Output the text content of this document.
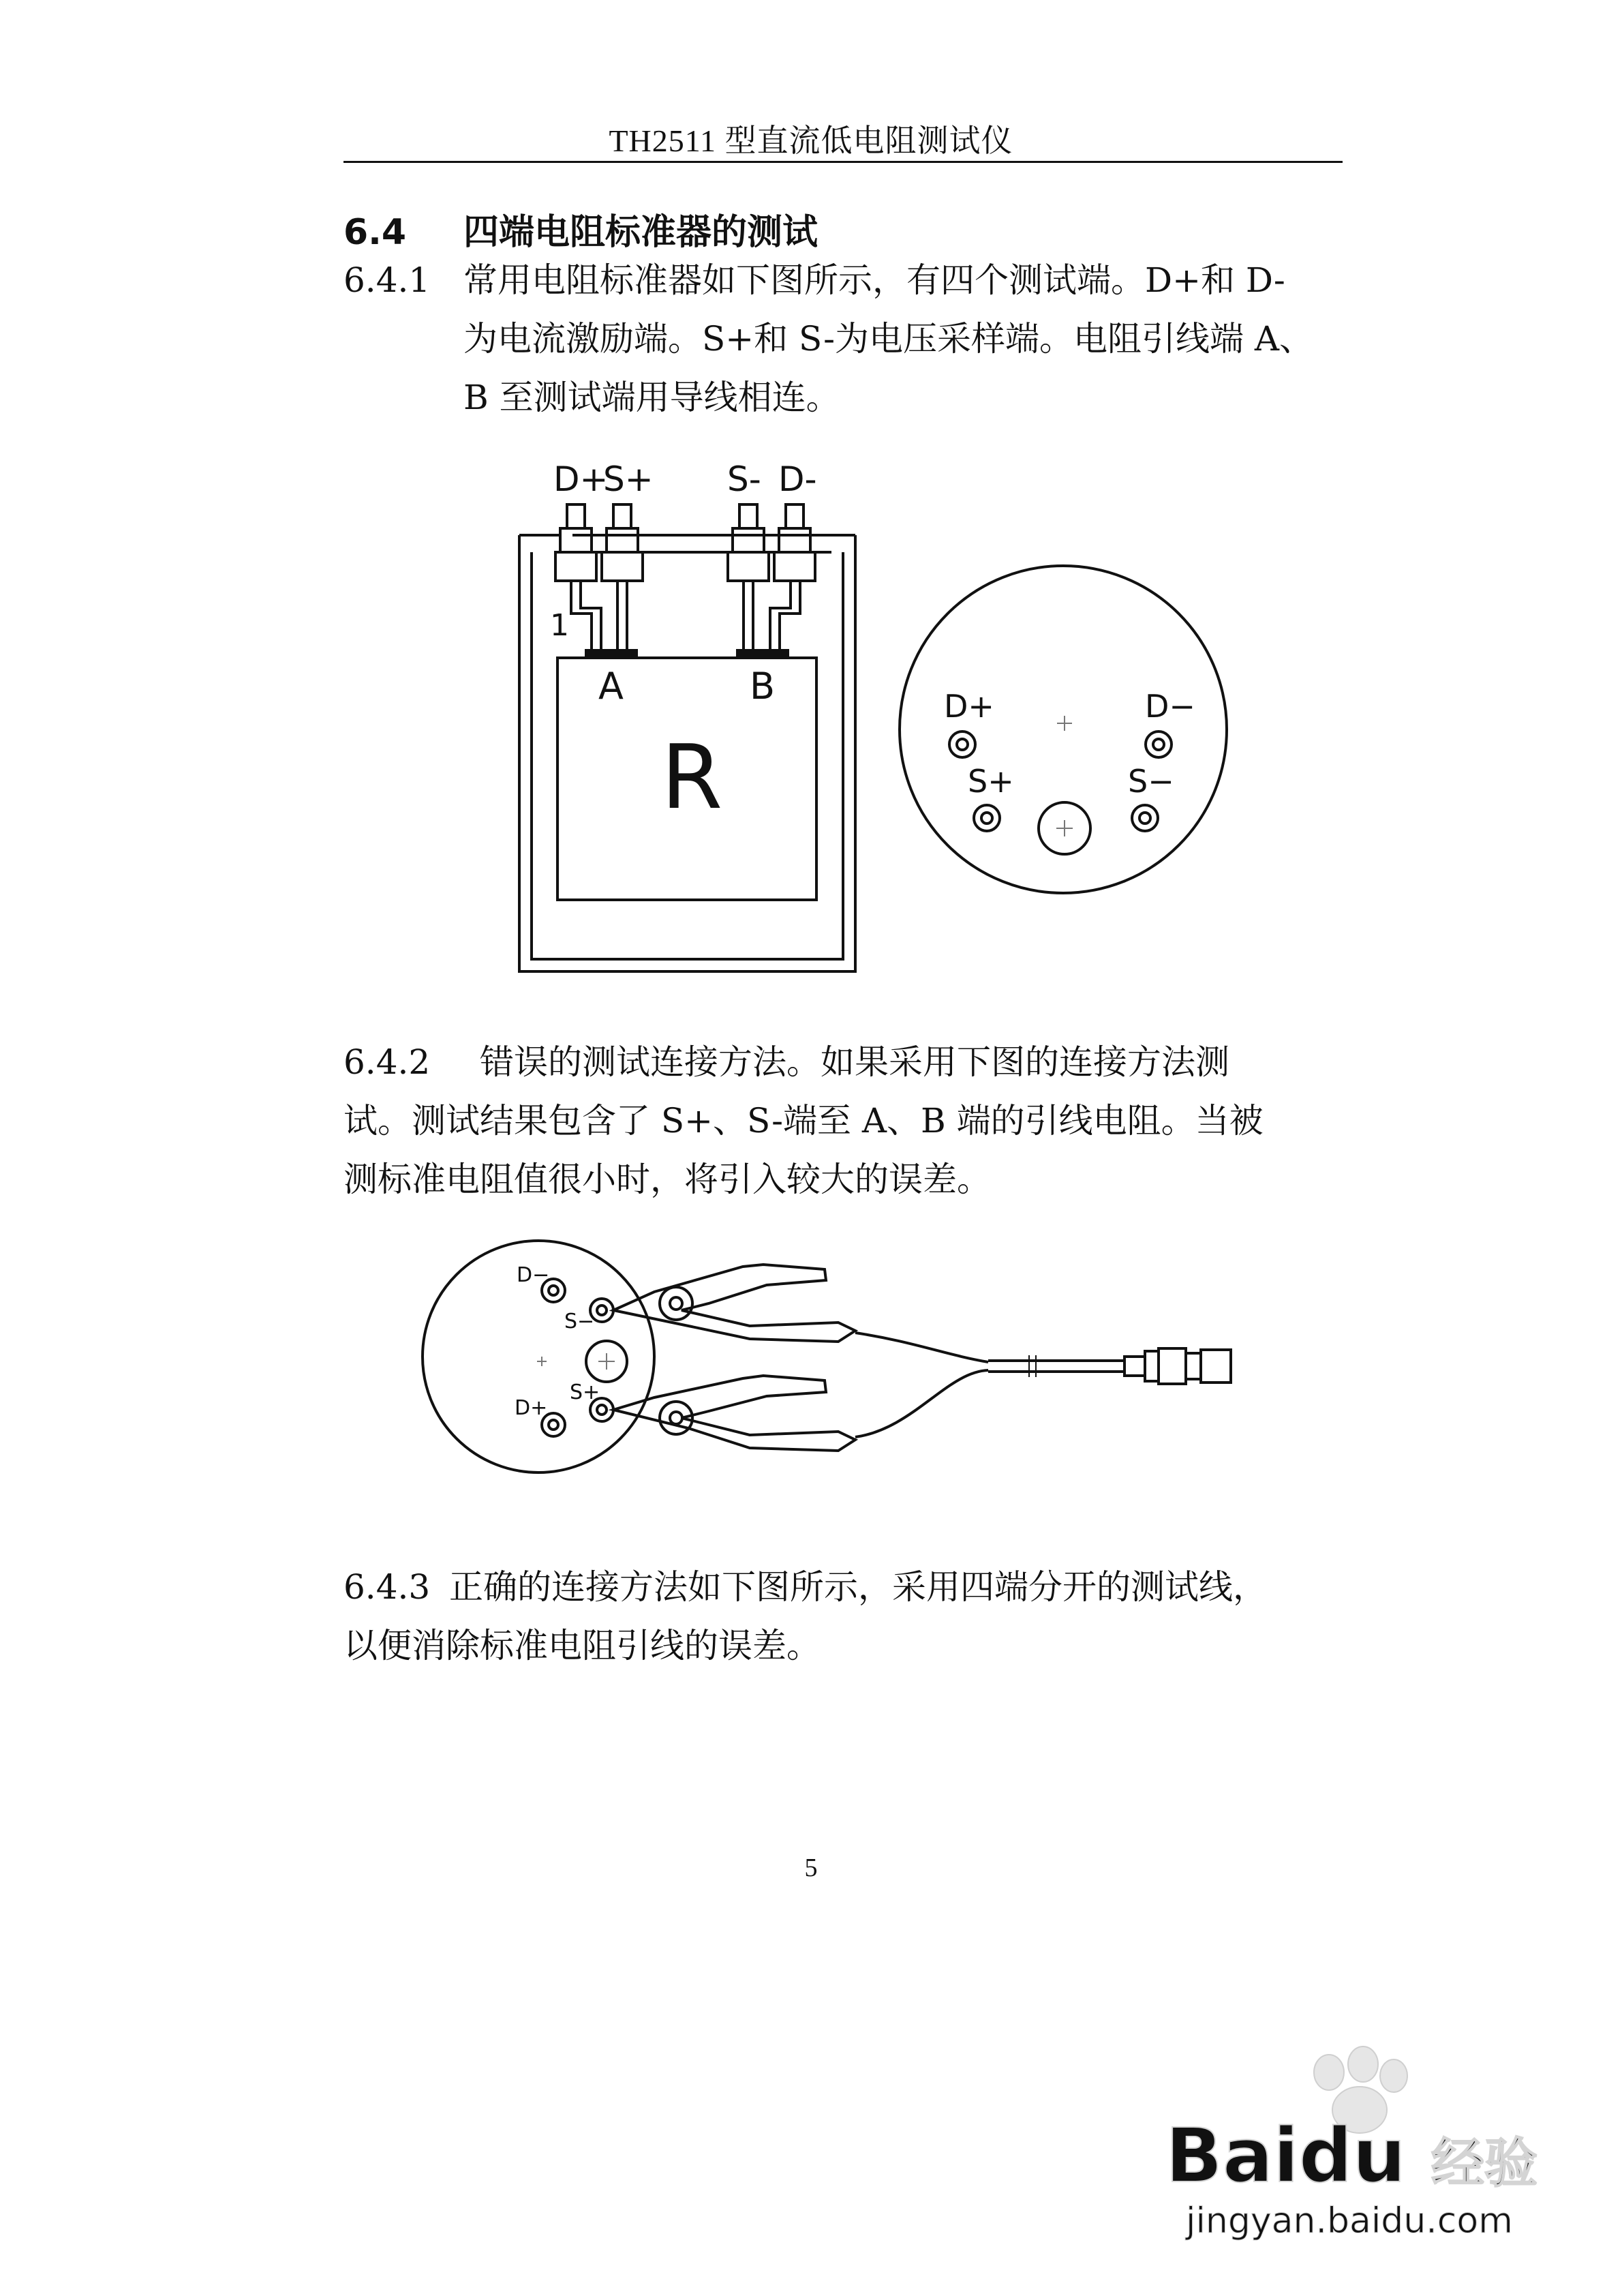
TH2511 型直流低电阻测试仪
6.4 四端电阻标准器的测试
6.4.1 常用电阻标准器如下图所示，有四个测试端。D+和 D-
为电流激励端。S+和 S-为电压采样端。电阻引线端 A、
B 至测试端用导线相连。
D+
S+ S- D-
1
A	B
R
D+	D−
S+	S−
6.4.2 错误的测试连接方法。如果采用下图的连接方法测
试。测试结果包含了 S+、S-端至 A、B 端的引线电阻。当被
测标准电阻值很小时，将引入较大的误差。
D−
S−
S+
D+
6.4.3 正确的连接方法如下图所示，采用四端分开的测试线，
以便消除标准电阻引线的误差。
5
Baidu 经验
jingyan.baidu.com
